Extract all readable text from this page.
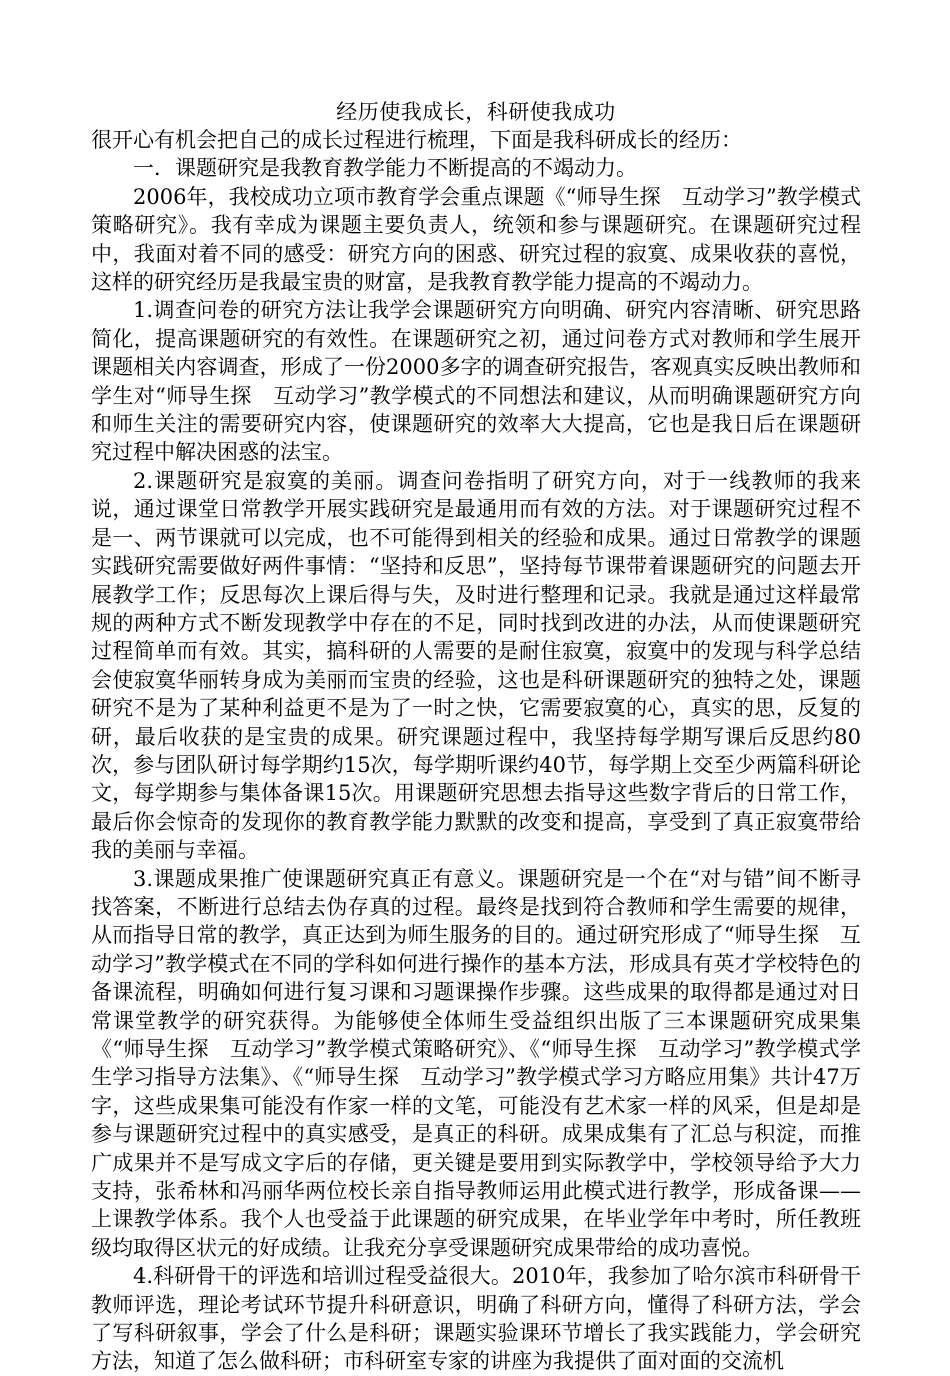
经历使我成长，科研使我成功

很开心有机会把自己的成长过程进行梳理，下面是我科研成长的经历：

一．课题研究是我教育教学能力不断提高的不竭动力。

2006年，我校成功立项市教育学会重点课题《“师导生探　互动学习”教学模式策略研究》。我有幸成为课题主要负责人，统领和参与课题研究。在课题研究过程中，我面对着不同的感受：研究方向的困惑、研究过程的寂寞、成果收获的喜悦，这样的研究经历是我最宝贵的财富，是我教育教学能力提高的不竭动力。

1.调查问卷的研究方法让我学会课题研究方向明确、研究内容清晰、研究思路简化，提高课题研究的有效性。在课题研究之初，通过问卷方式对教师和学生展开课题相关内容调查，形成了一份2000多字的调查研究报告，客观真实反映出教师和学生对“师导生探　互动学习”教学模式的不同想法和建议，从而明确课题研究方向和师生关注的需要研究内容，使课题研究的效率大大提高，它也是我日后在课题研究过程中解决困惑的法宝。

2.课题研究是寂寞的美丽。调查问卷指明了研究方向，对于一线教师的我来说，通过课堂日常教学开展实践研究是最通用而有效的方法。对于课题研究过程不是一、两节课就可以完成，也不可能得到相关的经验和成果。通过日常教学的课题实践研究需要做好两件事情：“坚持和反思”，坚持每节课带着课题研究的问题去开展教学工作；反思每次上课后得与失，及时进行整理和记录。我就是通过这样最常规的两种方式不断发现教学中存在的不足，同时找到改进的办法，从而使课题研究过程简单而有效。其实，搞科研的人需要的是耐住寂寞，寂寞中的发现与科学总结会使寂寞华丽转身成为美丽而宝贵的经验，这也是科研课题研究的独特之处，课题研究不是为了某种利益更不是为了一时之快，它需要寂寞的心，真实的思，反复的研，最后收获的是宝贵的成果。研究课题过程中，我坚持每学期写课后反思约80次，参与团队研讨每学期约15次，每学期听课约40节，每学期上交至少两篇科研论文，每学期参与集体备课15次。用课题研究思想去指导这些数字背后的日常工作，最后你会惊奇的发现你的教育教学能力默默的改变和提高，享受到了真正寂寞带给我的美丽与幸福。

3.课题成果推广使课题研究真正有意义。课题研究是一个在“对与错”间不断寻找答案，不断进行总结去伪存真的过程。最终是找到符合教师和学生需要的规律，从而指导日常的教学，真正达到为师生服务的目的。通过研究形成了“师导生探　互动学习”教学模式在不同的学科如何进行操作的基本方法，形成具有英才学校特色的备课流程，明确如何进行复习课和习题课操作步骤。这些成果的取得都是通过对日常课堂教学的研究获得。为能够使全体师生受益组织出版了三本课题研究成果集《“师导生探　互动学习”教学模式策略研究》、《“师导生探　互动学习”教学模式学生学习指导方法集》、《“师导生探　互动学习”教学模式学习方略应用集》共计47万字，这些成果集可能没有作家一样的文笔，可能没有艺术家一样的风采，但是却是参与课题研究过程中的真实感受，是真正的科研。成果成集有了汇总与积淀，而推广成果并不是写成文字后的存储，更关键是要用到实际教学中，学校领导给予大力支持，张希林和冯丽华两位校长亲自指导教师运用此模式进行教学，形成备课——上课教学体系。我个人也受益于此课题的研究成果，在毕业学年中考时，所任教班级均取得区状元的好成绩。让我充分享受课题研究成果带给的成功喜悦。

4.科研骨干的评选和培训过程受益很大。2010年，我参加了哈尔滨市科研骨干教师评选，理论考试环节提升科研意识，明确了科研方向，懂得了科研方法，学会了写科研叙事，学会了什么是科研；课题实验课环节增长了我实践能力，学会研究方法，知道了怎么做科研；市科研室专家的讲座为我提供了面对面的交流机
